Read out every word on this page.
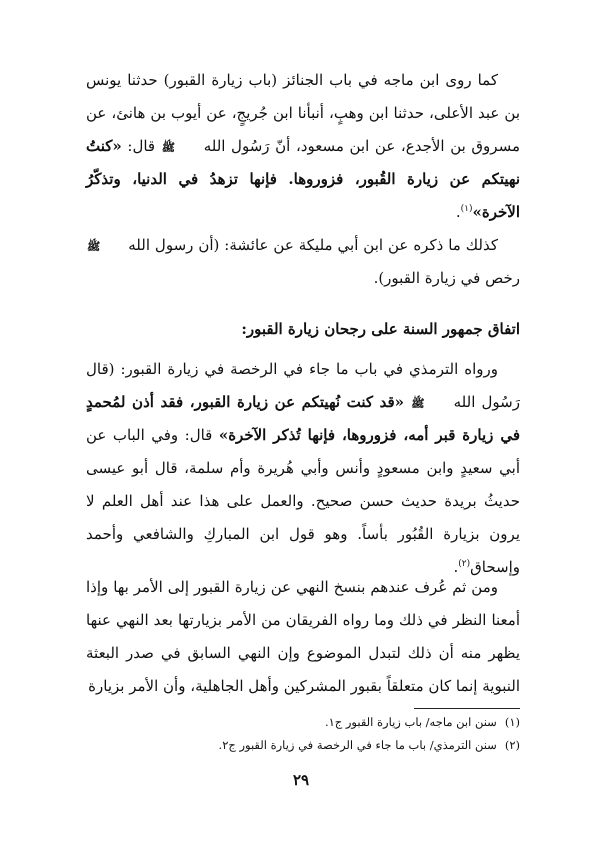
كما روى ابن ماجه في باب الجنائز (باب زيارة القبور) حدثنا يونس بن عبد الأعلى، حدثنا ابن وهبٍ، أنبأنا ابن جُريجٍ، عن أيوب بن هانئ، عن مسروق بن الأجدع، عن ابن مسعود، أنّ رَسُول الله ﷺ قال: «كنتُ نهيتكم عن زيارة القُبور، فزوروها. فإنها تزهدُ في الدنيا، وتذكّرُ الآخرة»$^{(١)}$.

كذلك ما ذكره عن ابن أبي مليكة عن عائشة: (أن رسول الله ﷺ رخص في زيارة القبور).

اتفاق جمهور السنة على رجحان زيارة القبور:

ورواه الترمذي في باب ما جاء في الرخصة في زيارة القبور: (قال رَسُول الله ﷺ «قد كنت نُهيتكم عن زيارة القبور، فقد أذن لمُحمدٍ في زيارة قبر أمه، فزوروها، فإنها تُذكر الآخرة» قال: وفي الباب عن أبي سعيدٍ وابن مسعودٍ وأنس وأبي هُريرة وأم سلمة، قال أبو عيسى حديثُ بريدة حديث حسن صحيح. والعمل على هذا عند أهل العلم لا يرون بزيارة القُبُور بأساً. وهو قول ابن المباركِ والشافعي وأحمد وإسحاق$^{(٢)}$.

ومن ثم عُرف عندهم بنسخ النهي عن زيارة القبور إلى الأمر بها وإذا أمعنا النظر في ذلك وما رواه الفريقان من الأمر بزيارتها بعد النهي عنها يظهر منه أن ذلك لتبدل الموضوع وإن النهي السابق في صدر البعثة النبوية إنما كان متعلقاً بقبور المشركين وأهل الجاهلية، وأن الأمر بزيارة

(١)سنن ابن ماجه/ باب زيارة القبور ج١.
(٢)سنن الترمذي/ باب ما جاء في الرخصة في زيارة القبور ج٢.
٢٩
